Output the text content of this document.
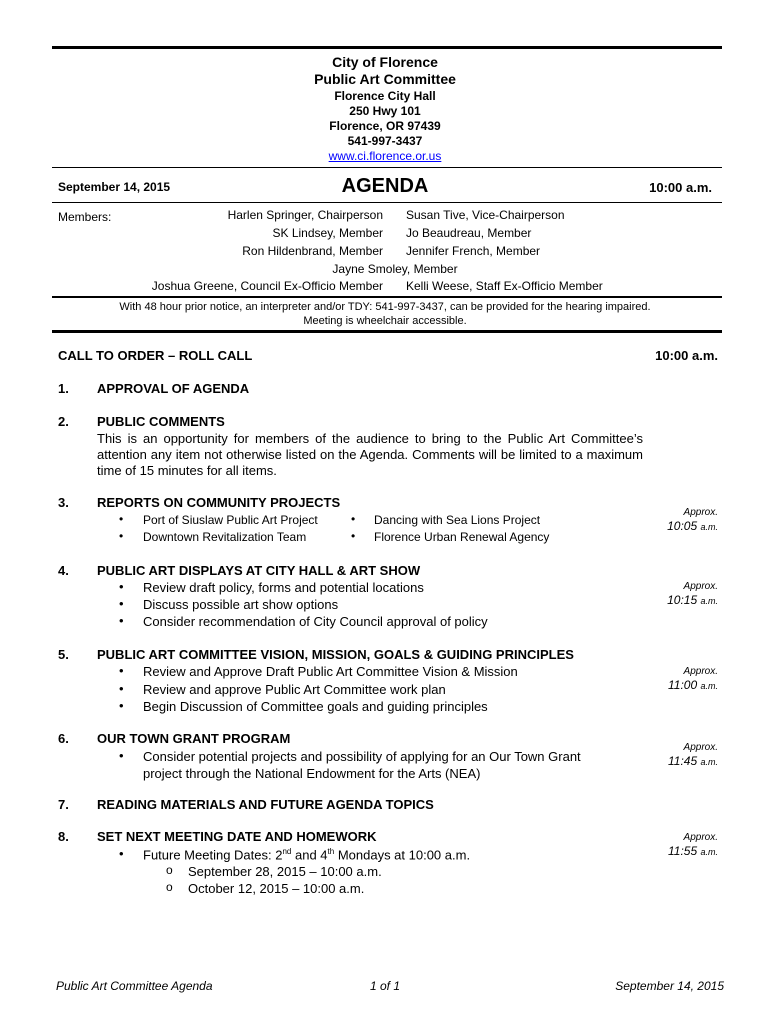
City of Florence
Public Art Committee
Florence City Hall
250 Hwy 101
Florence, OR 97439
541-997-3437
www.ci.florence.or.us
September 14, 2015	AGENDA	10:00 a.m.
Members:	Harlen Springer, Chairperson Susan Tive, Vice-Chairperson
SK Lindsey, Member Jo Beaudreau, Member
Ron Hildenbrand, Member Jennifer French, Member
Jayne Smoley, Member
Joshua Greene, Council Ex-Officio Member Kelli Weese, Staff Ex-Officio Member
With 48 hour prior notice, an interpreter and/or TDY: 541-997-3437, can be provided for the hearing impaired.
Meeting is wheelchair accessible.
CALL TO ORDER – ROLL CALL	10:00 a.m.
1. APPROVAL OF AGENDA
2. PUBLIC COMMENTS
This is an opportunity for members of the audience to bring to the Public Art Committee’s attention any item not otherwise listed on the Agenda. Comments will be limited to a maximum time of 15 minutes for all items.
3. REPORTS ON COMMUNITY PROJECTS
• Port of Siuslaw Public Art Project	• Dancing with Sea Lions Project
• Downtown Revitalization Team	• Florence Urban Renewal Agency
Approx.
10:05 a.m.
4. PUBLIC ART DISPLAYS AT CITY HALL & ART SHOW
• Review draft policy, forms and potential locations
• Discuss possible art show options
• Consider recommendation of City Council approval of policy
Approx.
10:15 a.m.
5. PUBLIC ART COMMITTEE VISION, MISSION, GOALS & GUIDING PRINCIPLES
• Review and Approve Draft Public Art Committee Vision & Mission
• Review and approve Public Art Committee work plan
• Begin Discussion of Committee goals and guiding principles
Approx.
11:00 a.m.
6. OUR TOWN GRANT PROGRAM
• Consider potential projects and possibility of applying for an Our Town Grant
project through the National Endowment for the Arts (NEA)
Approx.
11:45 a.m.
7. READING MATERIALS AND FUTURE AGENDA TOPICS
8. SET NEXT MEETING DATE AND HOMEWORK
• Future Meeting Dates: 2nd and 4th Mondays at 10:00 a.m.
o September 28, 2015 – 10:00 a.m.
o October 12, 2015 – 10:00 a.m.
Approx.
11:55 a.m.
Public Art Committee Agenda	1 of 1	September 14, 2015
